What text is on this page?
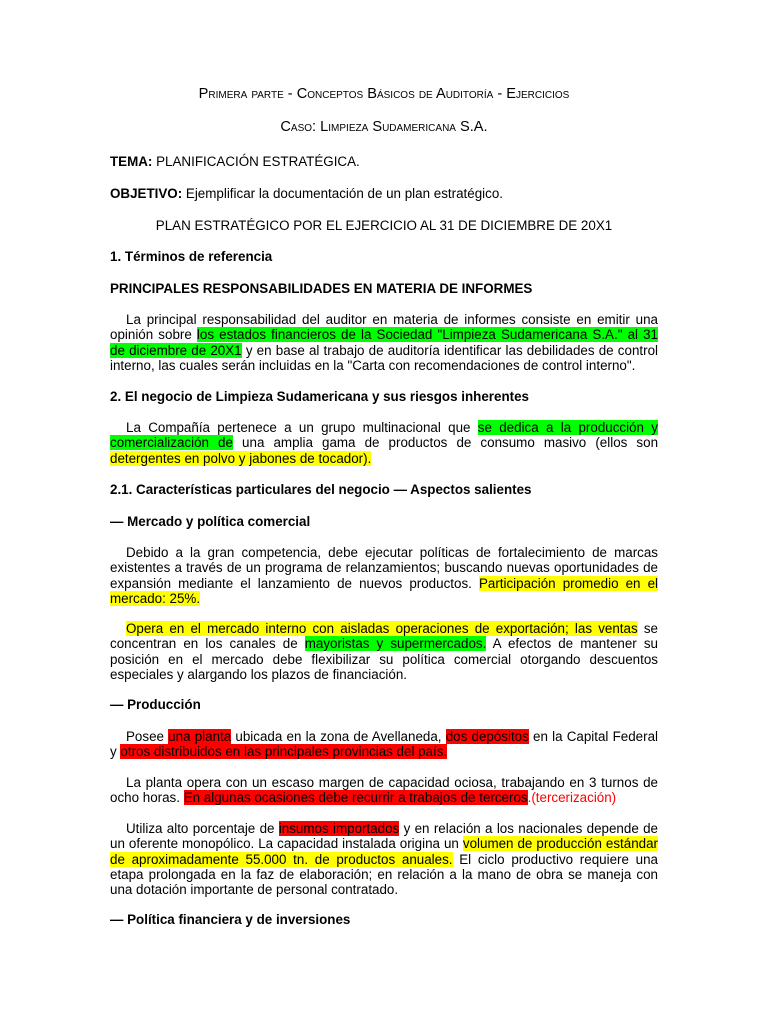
Primera parte - Conceptos Básicos de Auditoría - Ejercicios
Caso: Limpieza Sudamericana S.A.
TEMA: PLANIFICACIÓN ESTRATÉGICA.
OBJETIVO: Ejemplificar la documentación de un plan estratégico.
PLAN ESTRATÉGICO POR EL EJERCICIO AL 31 DE DICIEMBRE DE 20X1
1. Términos de referencia
PRINCIPALES RESPONSABILIDADES EN MATERIA DE INFORMES
La principal responsabilidad del auditor en materia de informes consiste en emitir una opinión sobre los estados financieros de la Sociedad "Limpieza Sudamericana S.A." al 31 de diciembre de 20X1 y en base al trabajo de auditoría identificar las debilidades de control interno, las cuales serán incluidas en la "Carta con recomendaciones de control interno".
2. El negocio de Limpieza Sudamericana y sus riesgos inherentes
La Compañía pertenece a un grupo multinacional que se dedica a la producción y comercialización de una amplia gama de productos de consumo masivo (ellos son detergentes en polvo y jabones de tocador).
2.1. Características particulares del negocio — Aspectos salientes
— Mercado y política comercial
Debido a la gran competencia, debe ejecutar políticas de fortalecimiento de marcas existentes a través de un programa de relanzamientos; buscando nuevas oportunidades de expansión mediante el lanzamiento de nuevos productos. Participación promedio en el mercado: 25%.
Opera en el mercado interno con aisladas operaciones de exportación; las ventas se concentran en los canales de mayoristas y supermercados. A efectos de mantener su posición en el mercado debe flexibilizar su política comercial otorgando descuentos especiales y alargando los plazos de financiación.
— Producción
Posee una planta ubicada en la zona de Avellaneda, dos depósitos en la Capital Federal y otros distribuidos en las principales provincias del país.
La planta opera con un escaso margen de capacidad ociosa, trabajando en 3 turnos de ocho horas. En algunas ocasiones debe recurrir a trabajos de terceros.(tercerización)
Utiliza alto porcentaje de insumos importados y en relación a los nacionales depende de un oferente monopólico. La capacidad instalada origina un volumen de producción estándar de aproximadamente 55.000 tn. de productos anuales. El ciclo productivo requiere una etapa prolongada en la faz de elaboración; en relación a la mano de obra se maneja con una dotación importante de personal contratado.
— Política financiera y de inversiones
